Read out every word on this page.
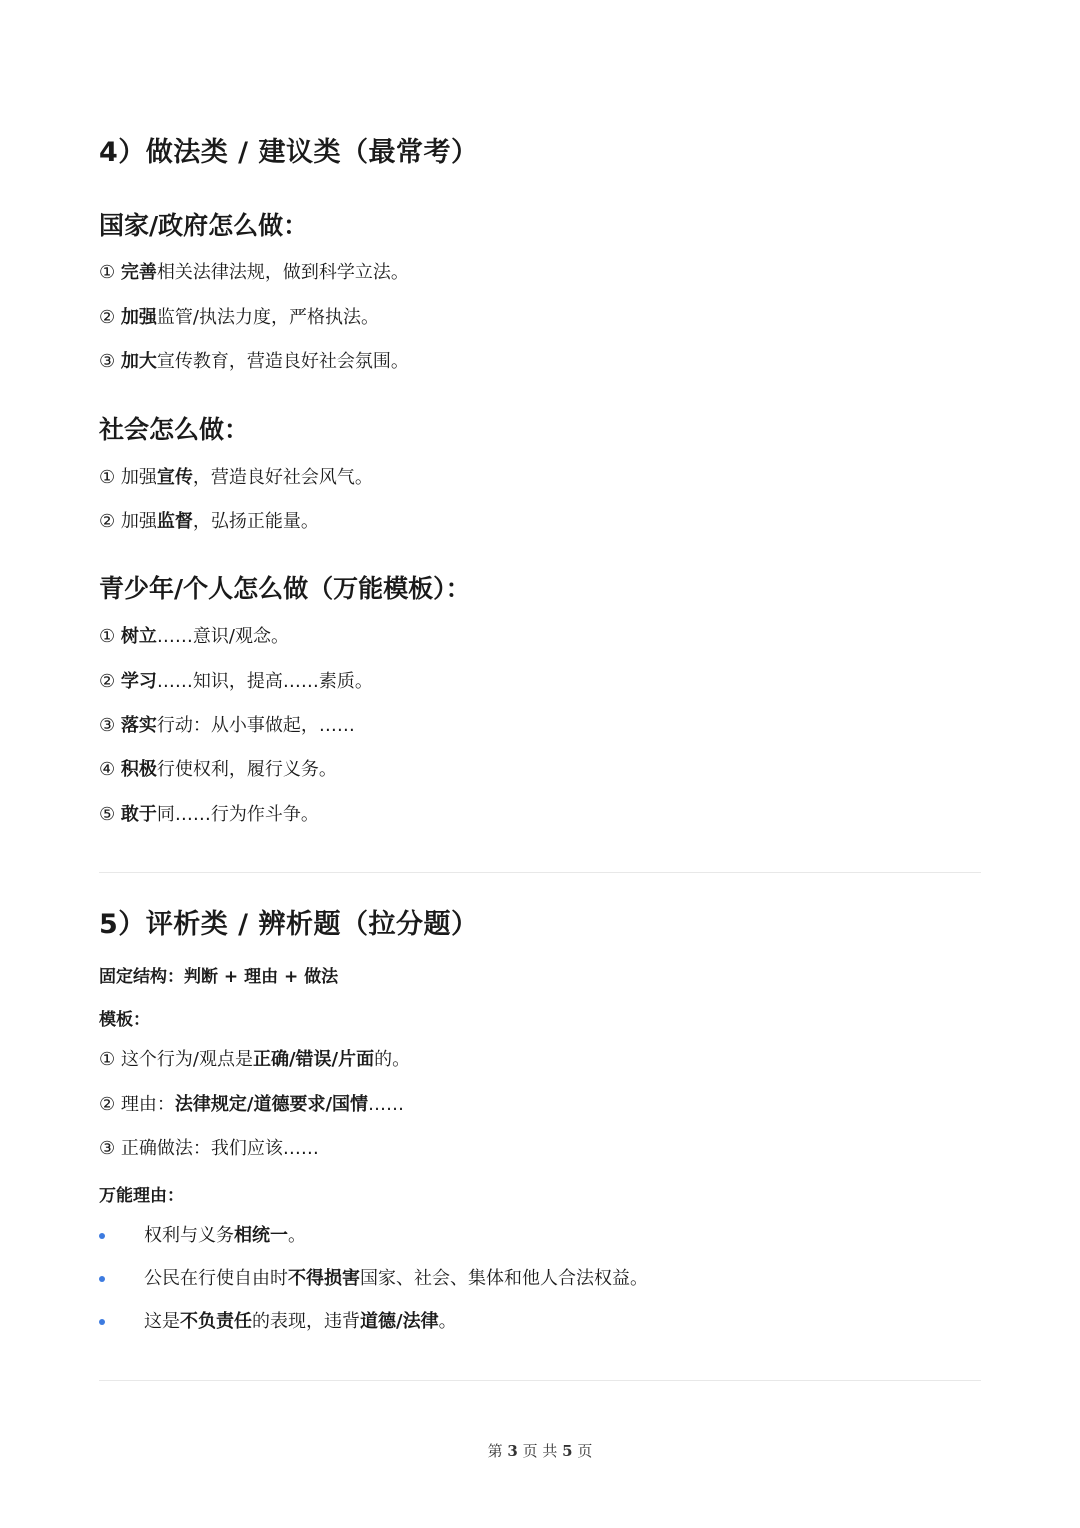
4）做法类 / 建议类（最常考）
国家/政府怎么做：
① 完善相关法律法规，做到科学立法。
② 加强监管/执法力度，严格执法。
③ 加大宣传教育，营造良好社会氛围。
社会怎么做：
① 加强宣传，营造良好社会风气。
② 加强监督，弘扬正能量。
青少年/个人怎么做（万能模板）：
① 树立……意识/观念。
② 学习……知识，提高……素质。
③ 落实行动：从小事做起，……
④ 积极行使权利，履行义务。
⑤ 敢于同……行为作斗争。
5）评析类 / 辨析题（拉分题）
固定结构：判断 + 理由 + 做法
模板：
① 这个行为/观点是正确/错误/片面的。
② 理由：法律规定/道德要求/国情……
③ 正确做法：我们应该……
万能理由：
权利与义务相统一。
公民在行使自由时不得损害国家、社会、集体和他人合法权益。
这是不负责任的表现，违背道德/法律。
第 3 页 共 5 页
